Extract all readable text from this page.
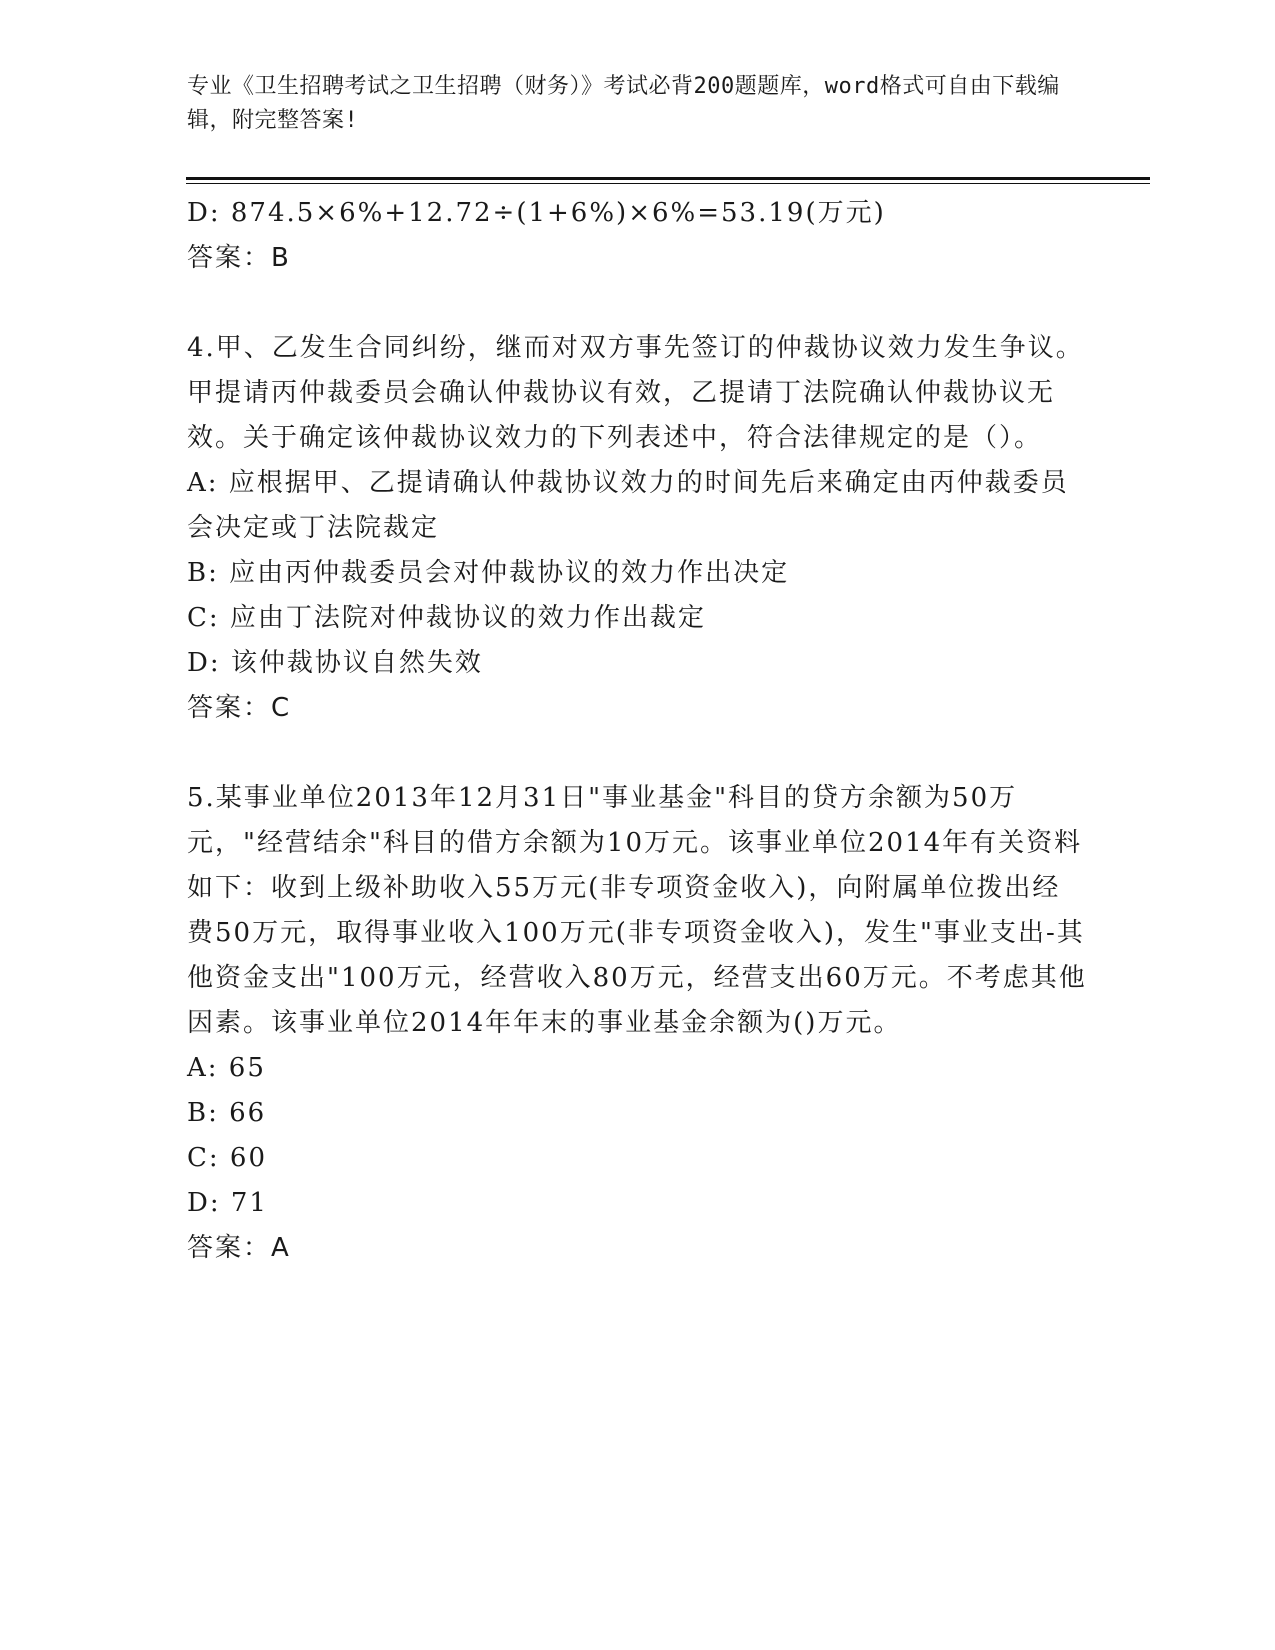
专业《卫生招聘考试之卫生招聘（财务）》考试必背200题题库，word格式可自由下载编辑，附完整答案!
D: 874.5×6%+12.72÷(1+6%)×6%=53.19(万元)
答案：B
4.甲、乙发生合同纠纷，继而对双方事先签订的仲裁协议效力发生争议。甲提请丙仲裁委员会确认仲裁协议有效，乙提请丁法院确认仲裁协议无效。关于确定该仲裁协议效力的下列表述中，符合法律规定的是（）。
A: 应根据甲、乙提请确认仲裁协议效力的时间先后来确定由丙仲裁委员会决定或丁法院裁定
B: 应由丙仲裁委员会对仲裁协议的效力作出决定
C: 应由丁法院对仲裁协议的效力作出裁定
D: 该仲裁协议自然失效
答案：C
5.某事业单位2013年12月31日"事业基金"科目的贷方余额为50万元，"经营结余"科目的借方余额为10万元。该事业单位2014年有关资料如下：收到上级补助收入55万元(非专项资金收入)，向附属单位拨出经费50万元，取得事业收入100万元(非专项资金收入)，发生"事业支出-其他资金支出"100万元，经营收入80万元，经营支出60万元。不考虑其他因素。该事业单位2014年年末的事业基金余额为()万元。
A: 65
B: 66
C: 60
D: 71
答案：A
